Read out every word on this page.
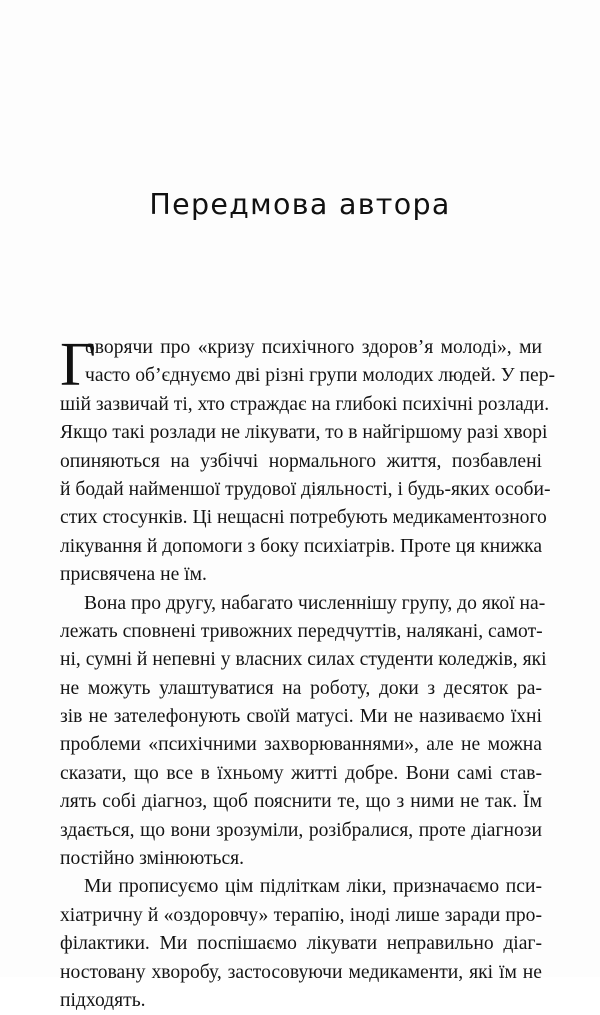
Передмова автора
Г
оворячи про «кризу психічного здоров’я молоді», ми
часто об’єднуємо дві різні групи молодих людей. У пер-
шій зазвичай ті, хто страждає на глибокі психічні розлади.
Якщо такі розлади не лікувати, то в найгіршому разі хворі
опиняються на узбіччі нормального життя, позбавлені
й бодай найменшої трудової діяльності, і будь-яких особи-
стих стосунків. Ці нещасні потребують медикаментозного
лікування й допомоги з боку психіатрів. Проте ця книжка
присвячена не їм.
Вона про другу, набагато численнішу групу, до якої на-
лежать сповнені тривожних передчуттів, налякані, самот-
ні, сумні й непевні у власних силах студенти коледжів, які
не можуть улаштуватися на роботу, доки з десяток ра-
зів не зателефонують своїй матусі. Ми не називаємо їхні
проблеми «психічними захворюваннями», але не можна
сказати, що все в їхньому житті добре. Вони самі став-
лять собі діагноз, щоб пояснити те, що з ними не так. Їм
здається, що вони зрозуміли, розібралися, проте діагнози
постійно змінюються.
Ми прописуємо цім підліткам ліки, призначаємо пси-
хіатричну й «оздоровчу» терапію, іноді лише заради про-
філактики. Ми поспішаємо лікувати неправильно діаг-
ностовану хворобу, застосовуючи медикаменти, які їм не
підходять.
